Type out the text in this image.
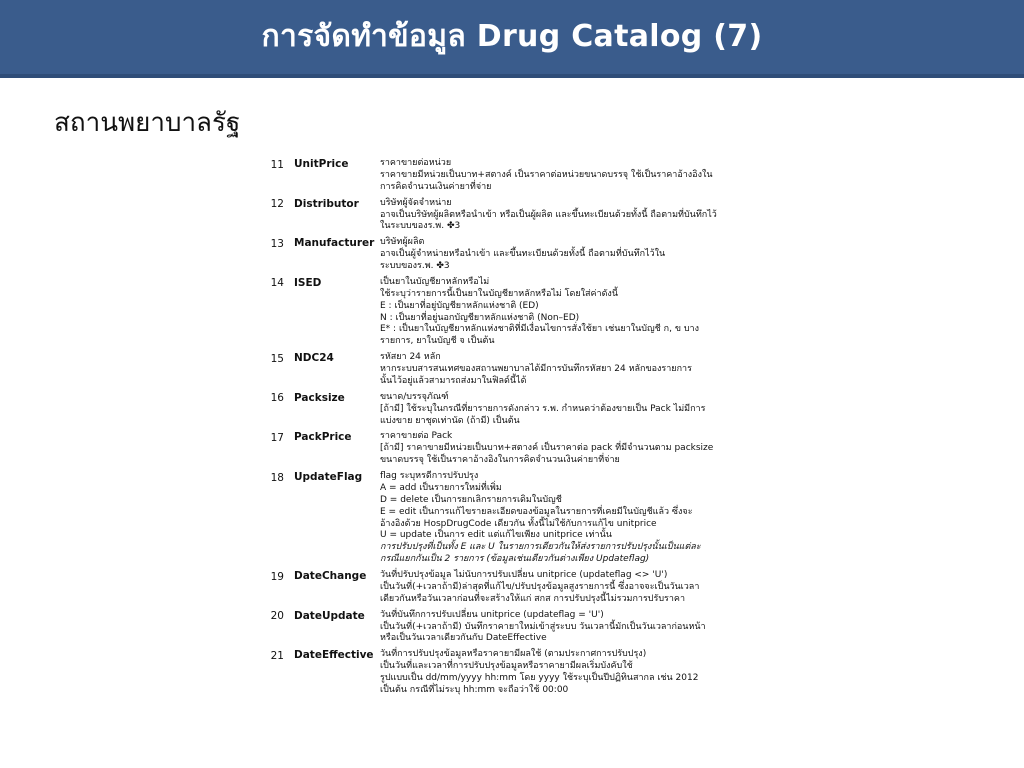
การจัดทำข้อมูล Drug Catalog (7)
สถานพยาบาลรัฐ
11 UnitPrice	ราคาขายต่อหน่วย
ราคาขายมีหน่วยเป็นบาท+สตางค์ เป็นราคาต่อหน่วยขนาดบรรจุ ใช้เป็นราคาอ้างอิงใน
การคิดจำนวนเงินค่ายาที่จ่าย
12 Distributor	บริษัทผู้จัดจำหน่าย
อาจเป็นบริษัทผู้ผลิตหรือนำเข้า หรือเป็นผู้ผลิต และขึ้นทะเบียนด้วยทั้งนี้ ถือตามที่บันทึกไว้
ในระบบของร.พ. ✤3
13 Manufacturer บริษัทผู้ผลิต
อาจเป็นผู้จำหน่ายหรือนำเข้า และขึ้นทะเบียนด้วยทั้งนี้ ถือตามที่บันทึกไว้ใน
ระบบของร.พ. ✤3
14 ISED	เป็นยาในบัญชียาหลักหรือไม่
ใช้ระบุว่ารายการนี้เป็นยาในบัญชียาหลักหรือไม่ โดยใส่ค่าดังนี้
E : เป็นยาที่อยู่บัญชียาหลักแห่งชาติ (ED)
N : เป็นยาที่อยู่นอกบัญชียาหลักแห่งชาติ (Non–ED)
E* : เป็นยาในบัญชียาหลักแห่งชาติที่มีเงื่อนไขการสั่งใช้ยา เช่นยาในบัญชี ก, ข บาง
รายการ, ยาในบัญชี จ เป็นต้น
15 NDC24	รหัสยา 24 หลัก
หากระบบสารสนเทศของสถานพยาบาลได้มีการบันทึกรหัสยา 24 หลักของรายการ
นั้นไว้อยู่แล้วสามารถส่งมาในฟิลด์นี้ได้
16 Packsize	ขนาด/บรรจุภัณฑ์
[ถ้ามี] ใช้ระบุในกรณีที่ยารายการดังกล่าว ร.พ. กำหนดว่าต้องขายเป็น Pack ไม่มีการ
แบ่งขาย ยาชุดเท่านัด (ถ้ามี) เป็นต้น
17 PackPrice	ราคาขายต่อ Pack
[ถ้ามี] ราคาขายมีหน่วยเป็นบาท+สตางค์ เป็นราคาต่อ pack ที่มีจำนวนตาม packsize
ขนาดบรรจุ ใช้เป็นราคาอ้างอิงในการคิดจำนวนเงินค่ายาที่จ่าย
18 UpdateFlag	flag ระบุหรดีการปรับปรุง
A = add เป็นรายการใหม่ที่เพิ่ม
D = delete เป็นการยกเลิกรายการเดิมในบัญชี
E = edit เป็นการแก้ไขรายละเอียดของข้อมูลในรายการที่เคยมีในบัญชีแล้ว ซึ่งจะ
อ้างอิงด้วย HospDrugCode เดียวกัน ทั้งนี้ไม่ใช้กับการแก้ไข unitprice
U = update เป็นการ edit แต่แก้ไขเพียง unitprice เท่านั้น
การปรับปรุงที่เป็นทั้ง E และ U ในรายการเดียวกันให้ส่งรายการปรับปรุงนั้นเป็นแต่ละ
กรณีแยกกันเป็น 2 รายการ (ข้อมูลเช่นเดียวกันต่างเพียง Updateflag)
19 DateChange	วันที่ปรับปรุงข้อมูล ไม่นับการปรับเปลี่ยน unitprice (updateflag <> 'U')
เป็นวันที่(+เวลาถ้ามี)ล่าสุดที่แก้ไข/ปรับปรุงข้อมูลสูงรายการนี้ ซึ่งอาจจะเป็นวันเวลา
เดียวกันหรือวันเวลาก่อนที่จะสร้างให้แก่ สกส การปรับปรุงนี้ไม่รวมการปรับราคา
20 DateUpdate	วันที่บันทึกการปรับเปลี่ยน unitprice (updateflag = 'U')
เป็นวันที่(+เวลาถ้ามี) บันทึกราคายาใหม่เข้าสู่ระบบ วันเวลานี้มักเป็นวันเวลาก่อนหน้า
หรือเป็นวันเวลาเดียวกันกับ DateEffective
21 DateEffective วันที่การปรับปรุงข้อมูลหรือราคายามีผลใช้ (ตามประกาศการปรับปรุง)
เป็นวันที่และเวลาที่การปรับปรุงข้อมูลหรือราคายามีผลเริ่มบังคับใช้
รูปแบบเป็น dd/mm/yyyy hh:mm โดย yyyy ใช้ระบุเป็นปีปฏิทินสากล เช่น 2012
เป็นต้น กรณีที่ไม่ระบุ hh:mm จะถือว่าใช้ 00:00
